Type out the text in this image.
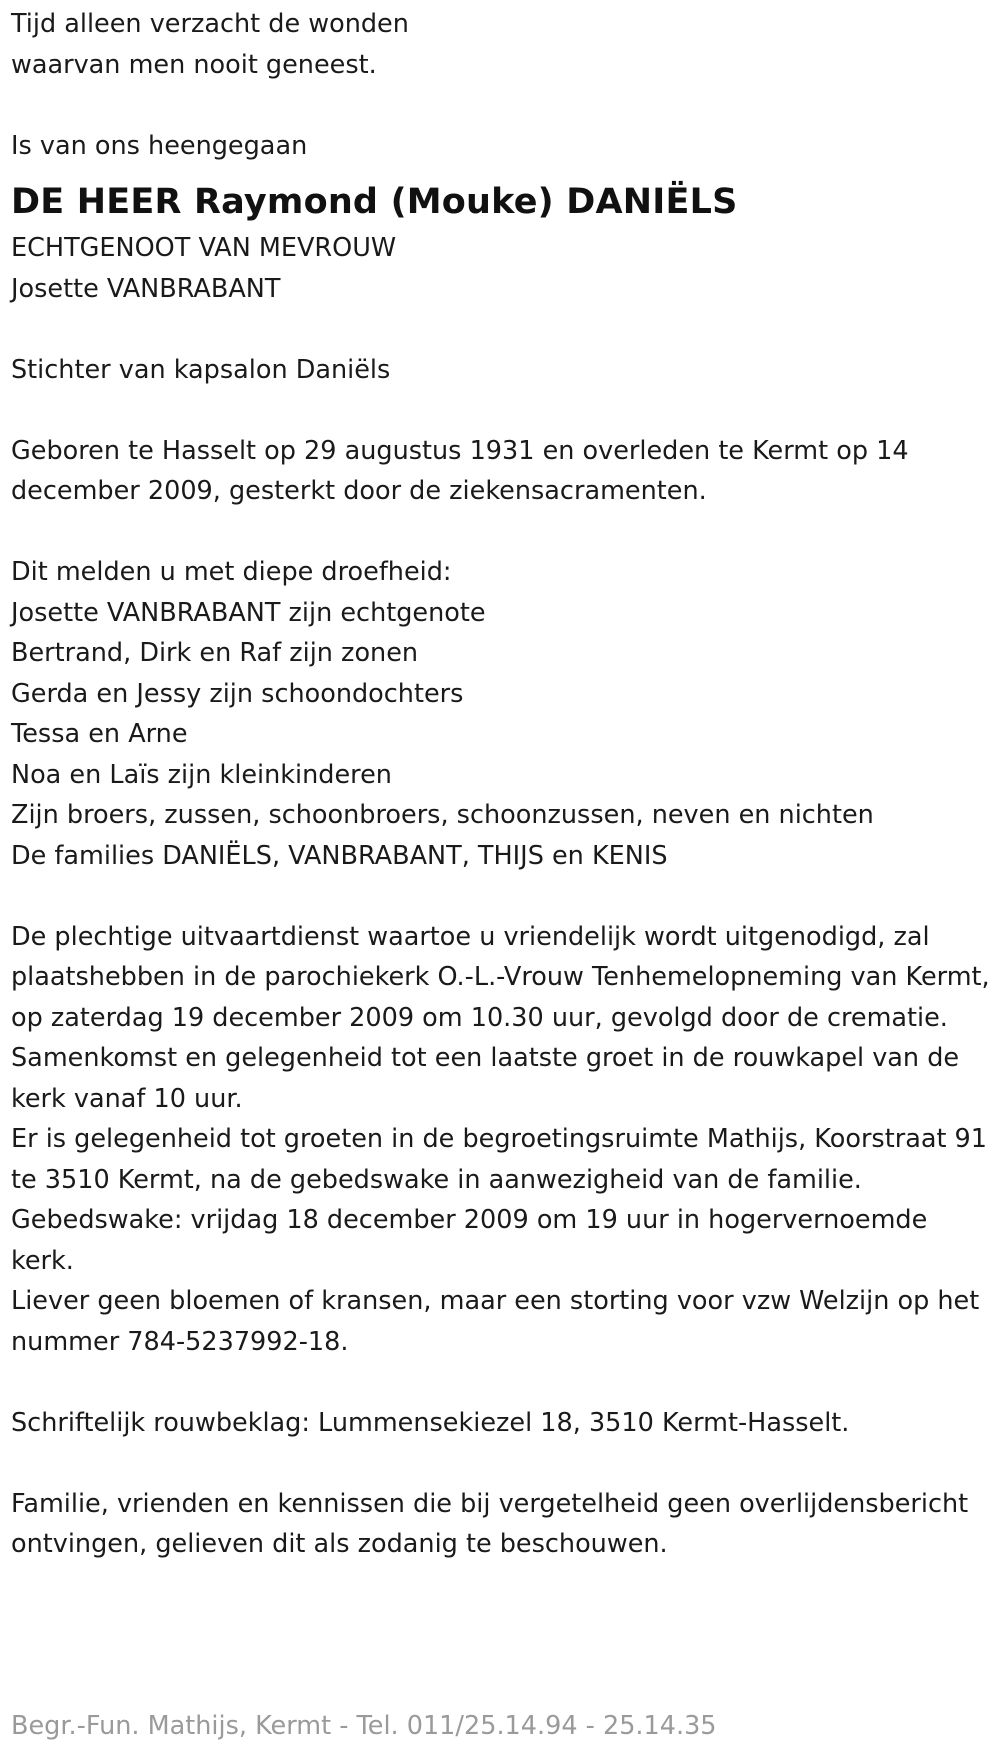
Tijd alleen verzacht de wonden

waarvan men nooit geneest.

Is van ons heengegaan

DE HEER Raymond (Mouke) DANIËLS

ECHTGENOOT VAN MEVROUW

Josette VANBRABANT

Stichter van kapsalon Daniëls

Geboren te Hasselt op 29 augustus 1931 en overleden te Kermt op 14 december 2009, gesterkt door de ziekensacramenten.

Dit melden u met diepe droefheid:

Josette VANBRABANT zijn echtgenote

Bertrand, Dirk en Raf zijn zonen

Gerda en Jessy zijn schoondochters

Tessa en Arne

Noa en Laïs zijn kleinkinderen

Zijn broers, zussen, schoonbroers, schoonzussen, neven en nichten

De families DANIËLS, VANBRABANT, THIJS en KENIS

De plechtige uitvaartdienst waartoe u vriendelijk wordt uitgenodigd, zal plaatshebben in de parochiekerk O.-L.-Vrouw Tenhemelopneming van Kermt, op zaterdag 19 december 2009 om 10.30 uur, gevolgd door de crematie.

Samenkomst en gelegenheid tot een laatste groet in de rouwkapel van de kerk vanaf 10 uur.

Er is gelegenheid tot groeten in de begroetingsruimte Mathijs, Koorstraat 91 te 3510 Kermt, na de gebedswake in aanwezigheid van de familie.

Gebedswake: vrijdag 18 december 2009 om 19 uur in hogervernoemde kerk.

Liever geen bloemen of kransen, maar een storting voor vzw Welzijn op het nummer 784-5237992-18.

Schriftelijk rouwbeklag: Lummensekiezel 18, 3510 Kermt-Hasselt.

Familie, vrienden en kennissen die bij vergetelheid geen overlijdensbericht ontvingen, gelieven dit als zodanig te beschouwen.

Begr.-Fun. Mathijs, Kermt - Tel. 011/25.14.94 - 25.14.35
